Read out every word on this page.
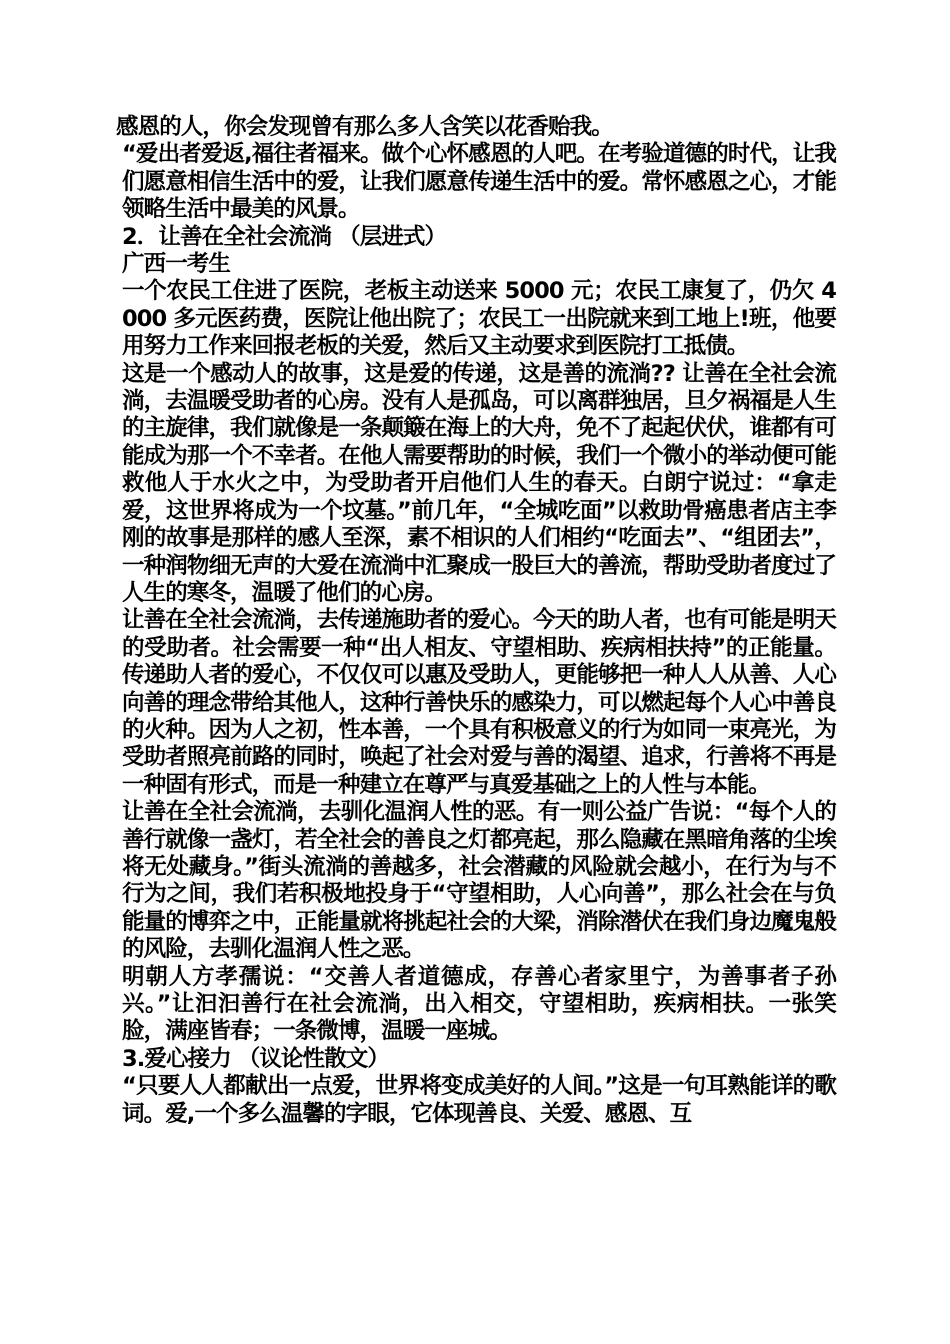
感恩的人，你会发现曾有那么多人含笑以花香贻我。

“爱出者爱返,福往者福来。做个心怀感恩的人吧。在考验道德的时代，让我们愿意相信生活中的爱，让我们愿意传递生活中的爱。常怀感恩之心，才能领略生活中最美的风景。

2．让善在全社会流淌 （层进式）

广西一考生

一个农民工住进了医院，老板主动送来 5000 元；农民工康复了，仍欠 4000 多元医药费，医院让他出院了；农民工一出院就来到工地上!班，他要用努力工作来回报老板的关爱，然后又主动要求到医院打工抵债。

这是一个感动人的故事，这是爱的传递，这是善的流淌?? 让善在全社会流淌，去温暖受助者的心房。没有人是孤岛，可以离群独居，旦夕祸福是人生的主旋律，我们就像是一条颠簸在海上的大舟，免不了起起伏伏，谁都有可能成为那一个不幸者。在他人需要帮助的时候，我们一个微小的举动便可能救他人于水火之中，为受助者开启他们人生的春天。白朗宁说过：“拿走爱，这世界将成为一个坟墓。”前几年，“全城吃面”以救助骨癌患者店主李刚的故事是那样的感人至深，素不相识的人们相约“吃面去”、“组团去”，一种润物细无声的大爱在流淌中汇聚成一股巨大的善流，帮助受助者度过了人生的寒冬，温暖了他们的心房。

让善在全社会流淌，去传递施助者的爱心。今天的助人者，也有可能是明天的受助者。社会需要一种“出人相友、守望相助、疾病相扶持”的正能量。传递助人者的爱心，不仅仅可以惠及受助人，更能够把一种人人从善、人心向善的理念带给其他人，这种行善快乐的感染力，可以燃起每个人心中善良的火种。因为人之初，性本善，一个具有积极意义的行为如同一束亮光，为受助者照亮前路的同时，唤起了社会对爱与善的渴望、追求，行善将不再是一种固有形式，而是一种建立在尊严与真爱基础之上的人性与本能。

让善在全社会流淌，去驯化温润人性的恶。有一则公益广告说：“每个人的善行就像一盏灯，若全社会的善良之灯都亮起，那么隐藏在黑暗角落的尘埃将无处藏身。”街头流淌的善越多，社会潜藏的风险就会越小，在行为与不行为之间，我们若积极地投身于“守望相助，人心向善”，那么社会在与负能量的博弈之中，正能量就将挑起社会的大梁，消除潜伏在我们身边魔鬼般的风险，去驯化温润人性之恶。

明朝人方孝孺说：“交善人者道德成，存善心者家里宁，为善事者子孙兴。”让汩汩善行在社会流淌，出入相交，守望相助，疾病相扶。一张笑脸，满座皆春；一条微博，温暖一座城。

3.爱心接力 （议论性散文）

“只要人人都献出一点爱，世界将变成美好的人间。”这是一句耳熟能详的歌词。爱,一个多么温馨的字眼，它体现善良、关爱、感恩、互
